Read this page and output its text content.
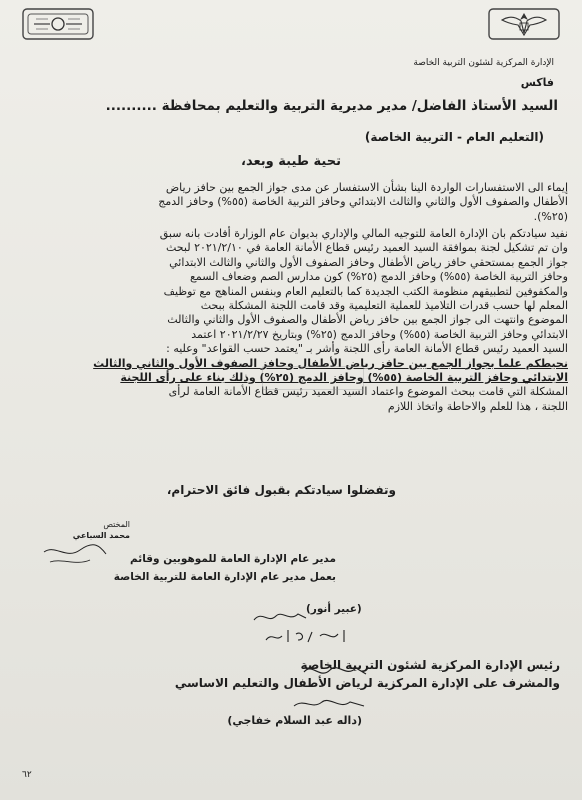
الإدارة المركزية لشئون التربية الخاصة
فاكس
السيد الأستاذ الفاضل/ مدير مديرية التربية والتعليم بمحافظة ..........
(التعليم العام - التربية الخاصة)
تحية طيبة وبعد،
إيماء الى الاستفسارات الواردة الينا بشأن الاستفسار عن مدى جواز الجمع بين حافز رياض
الأطفال والصفوف الأول والثاني والثالث الابتدائي وحافز التربية الخاصة (٥٥%) وحافز الدمج
(٢٥%).
نفيد سيادتكم بان الإدارة العامة للتوجيه المالي والإداري بديوان عام الوزارة أفادت بانه سبق
وان تم تشكيل لجنة بموافقة السيد العميد رئيس قطاع الأمانة العامة في ٢٠٢١/٢/١٠ لبحث
جواز الجمع بمستحقي حافز رياض الأطفال وحافز الصفوف الأول والثاني والثالث الابتدائي
وحافز التربية الخاصة (٥٥%) وحافز الدمج (٢٥%) كون مدارس الصم وضعاف السمع
والمكفوفين لتطبيقهم منظومة الكتب الجديدة كما بالتعليم العام وبنفس المناهج مع توظيف
المعلم لها حسب قدرات التلاميذ للعملية التعليمية وقد قامت اللجنة المشكلة ببحث
الموضوع وانتهت الى جواز الجمع بين حافز رياض الأطفال والصفوف الأول والثاني والثالث
الابتدائي وحافز التربية الخاصة (٥٥%) وحافز الدمج (٢٥%) وبتاريخ ٢٠٢١/٢/٢٧ اعتمد
السيد العميد رئيس قطاع الأمانة العامة رأى اللجنة وأشر بـ "يعتمد حسب القواعد" وعليه :
نحيطكم علما بجواز الجمع بين حافز رياض الأطفال وحافز الصفوف الأول والثاني والثالث
الابتدائي وحافز التربية الخاصة (٥٥%) وحافز الدمج (٢٥%) وذلك بناء على رأى اللجنة
المشكلة التي قامت ببحث الموضوع واعتماد السيد العميد رئيس قطاع الأمانة العامة لرأى
اللجنة ، هذا للعلم والاحاطة واتخاذ اللازم
وتفضلوا سيادتكم بقبول فائق الاحترام،
المختص
محمد السباعي
مدير عام الإدارة العامة للموهوبين وقائم
بعمل مدير عام الإدارة العامة للتربية الخاصة
(عبير أنور)
رئيس الإدارة المركزية لشئون التربية الخاصة
والمشرف على الإدارة المركزية لرياض الأطفال والتعليم الاساسي
(داله عبد السلام خفاجي)
٦٢
